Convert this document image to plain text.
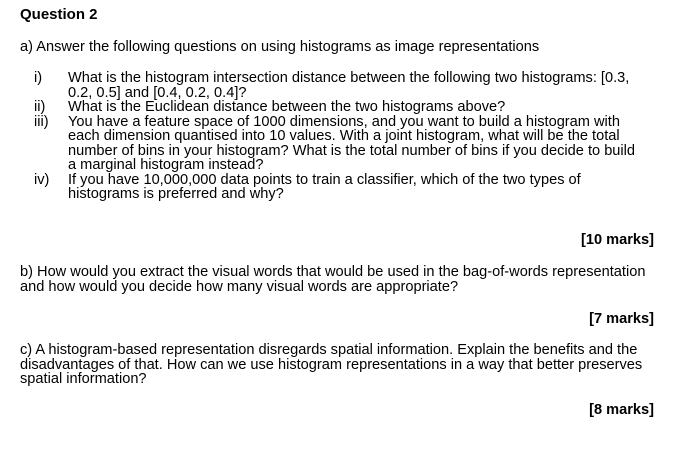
Question 2
a) Answer the following questions on using histograms as image representations
i)	What is the histogram intersection distance between the following two histograms: [0.3, 0.2, 0.5] and [0.4, 0.2, 0.4]?
ii)	What is the Euclidean distance between the two histograms above?
iii)	You have a feature space of 1000 dimensions, and you want to build a histogram with each dimension quantised into 10 values. With a joint histogram, what will be the total number of bins in your histogram? What is the total number of bins if you decide to build a marginal histogram instead?
iv)	If you have 10,000,000 data points to train a classifier, which of the two types of histograms is preferred and why?
[10 marks]
b) How would you extract the visual words that would be used in the bag-of-words representation and how would you decide how many visual words are appropriate?
[7 marks]
c) A histogram-based representation disregards spatial information. Explain the benefits and the disadvantages of that. How can we use histogram representations in a way that better preserves spatial information?
[8 marks]
